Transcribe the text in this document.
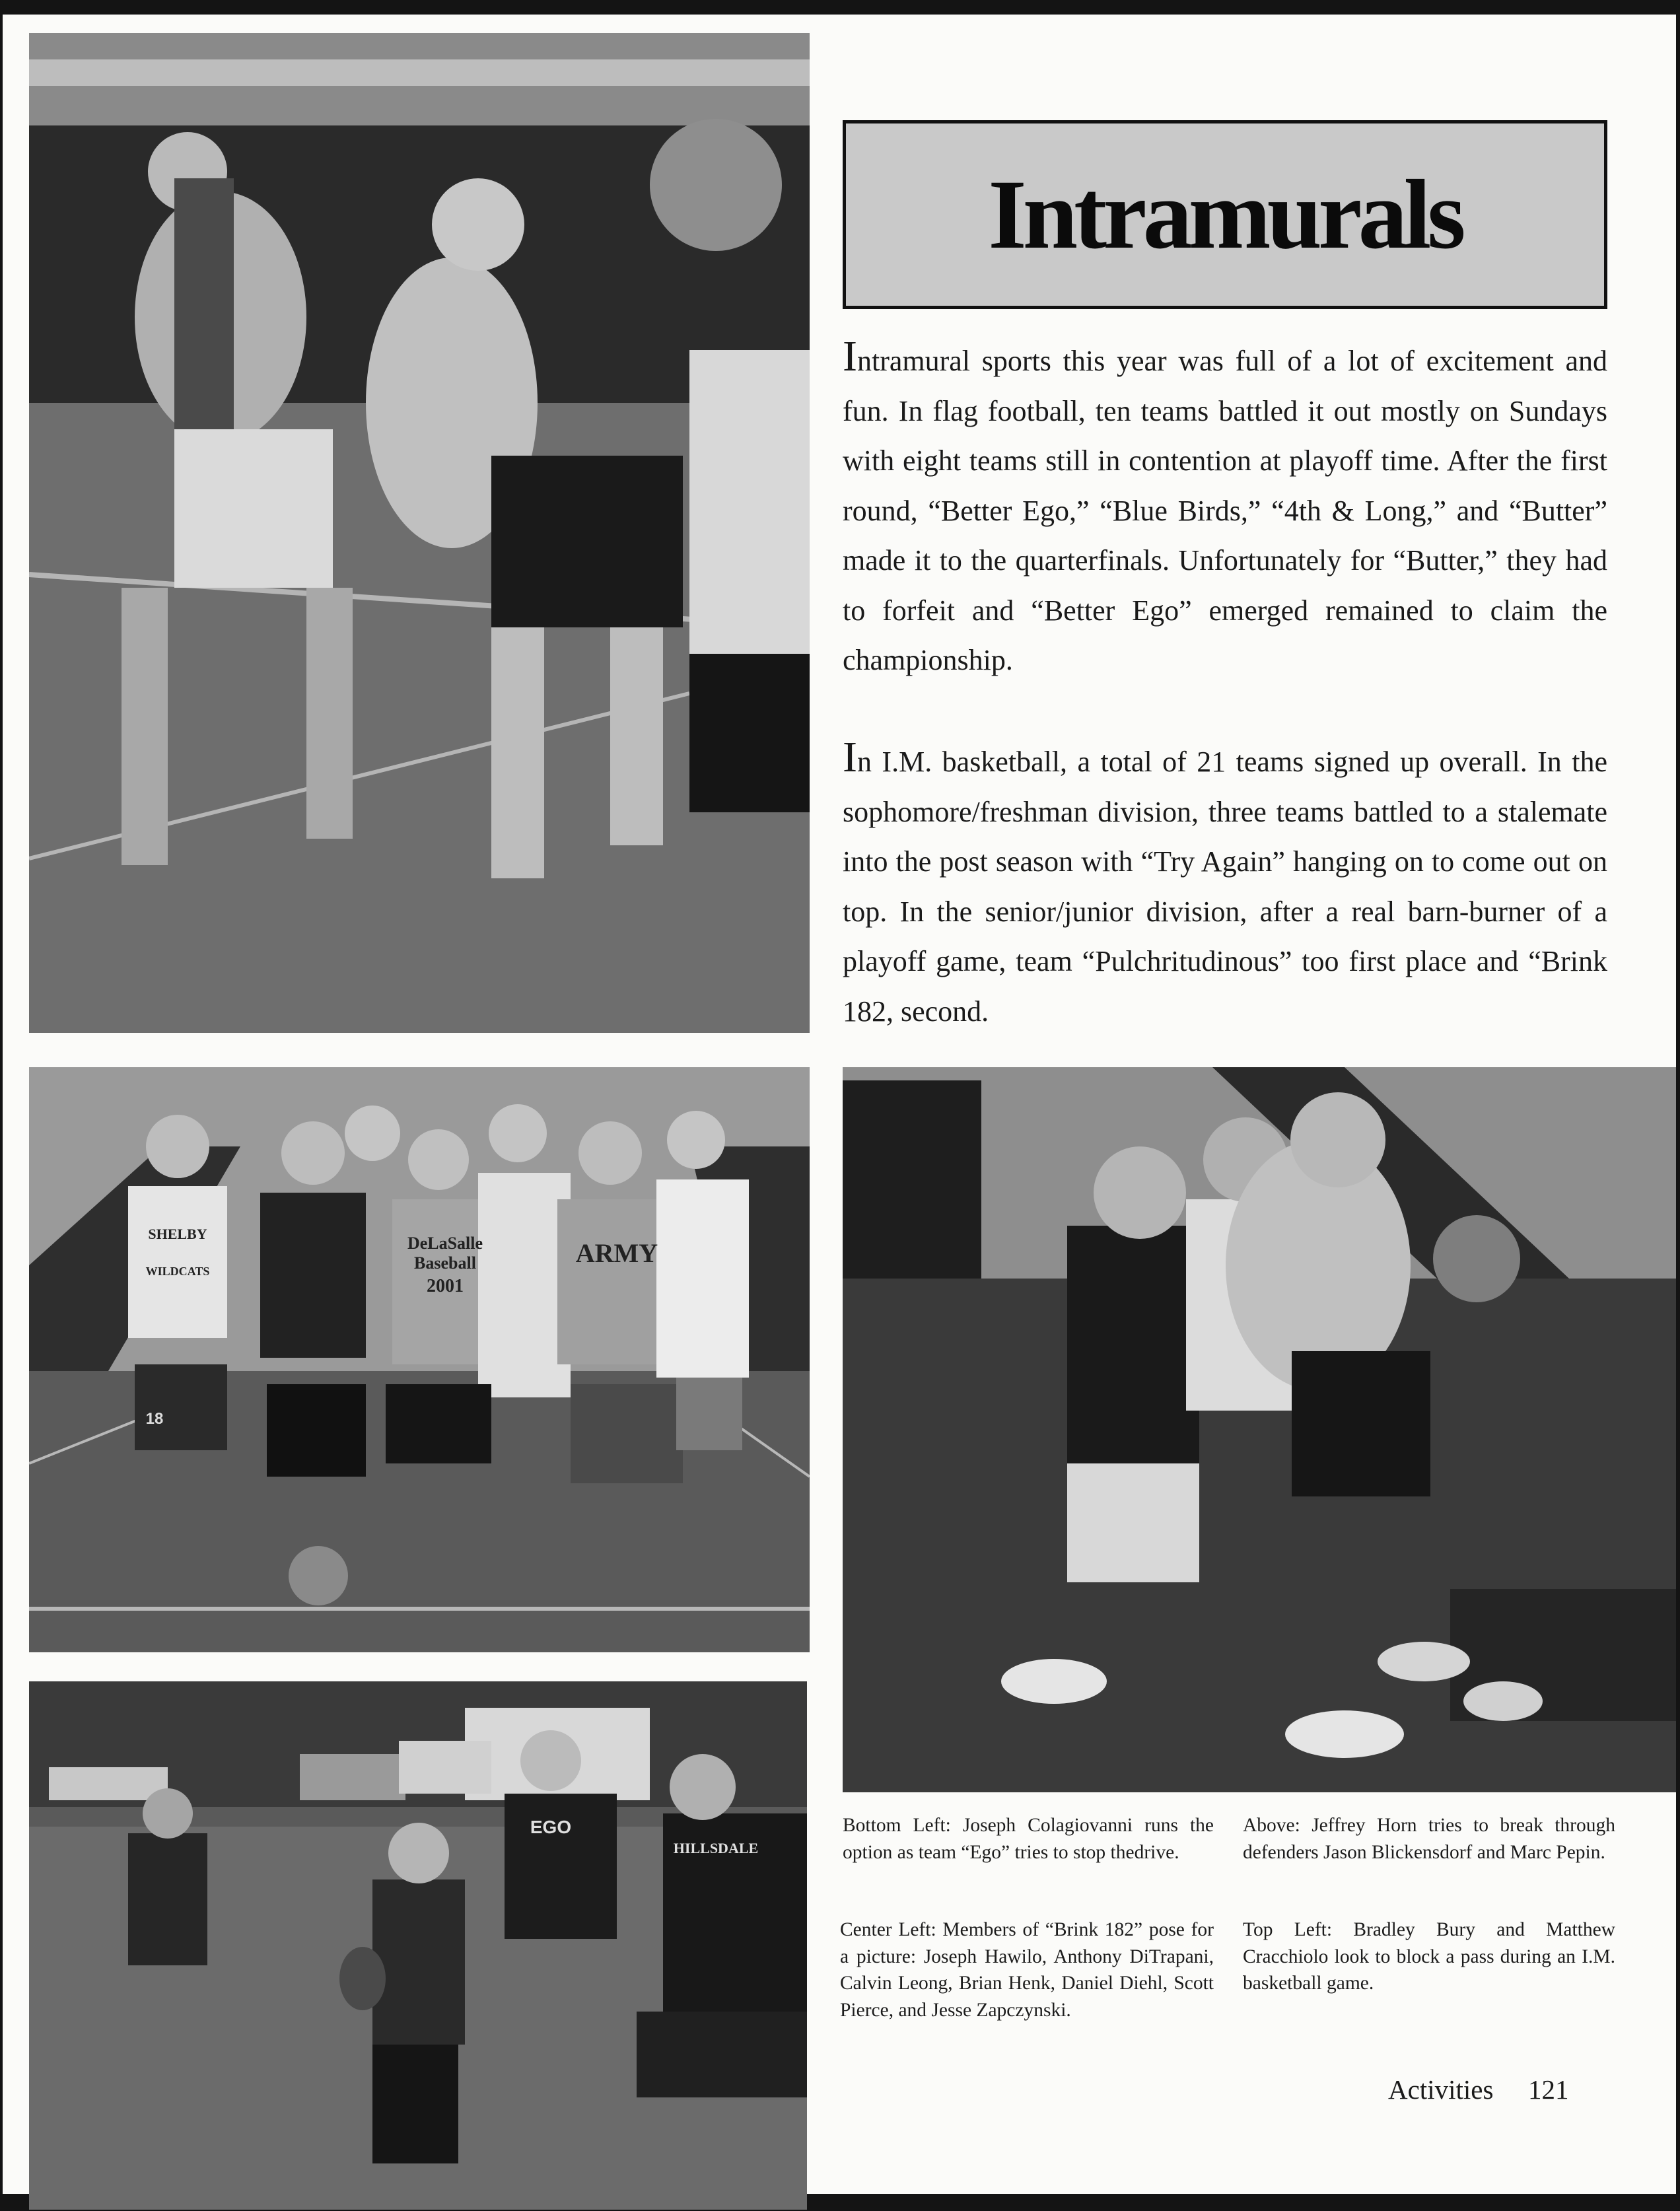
Intramurals

Intramural sports this year was full of a lot of excitement and fun. In flag football, ten teams battled it out mostly on Sundays with eight teams still in contention at playoff time. After the first round, “Better Ego,” “Blue Birds,” “4th & Long,” and “Butter” made it to the quarterfinals. Unfortunately for “Butter,” they had to forfeit and “Better Ego” emerged remained to claim the championship.

In I.M. basketball, a total of 21 teams signed up overall. In the sophomore/freshman division, three teams battled to a stalemate into the post season with “Try Again” hanging on to come out on top. In the senior/junior division, after a real barn-burner of a playoff game, team “Pulchritudinous” too first place and “Brink 182, second.

SHELBY
WILDCATS
DeLaSalle
Baseball
2001
ARMY
18
EGO
HILLSDALE

Bottom Left: Joseph Colagiovanni runs the option as team “Ego” tries to stop thedrive.

Center Left: Members of “Brink 182” pose for a picture: Joseph Hawilo, Anthony DiTrapani, Calvin Leong, Brian Henk, Daniel Diehl, Scott Pierce, and Jesse Zapczynski.

Above: Jeffrey Horn tries to break through defenders Jason Blickensdorf and Marc Pepin.

Top Left: Bradley Bury and Matthew Cracchiolo look to block a pass during an I.M. basketball game.

Activities 121
